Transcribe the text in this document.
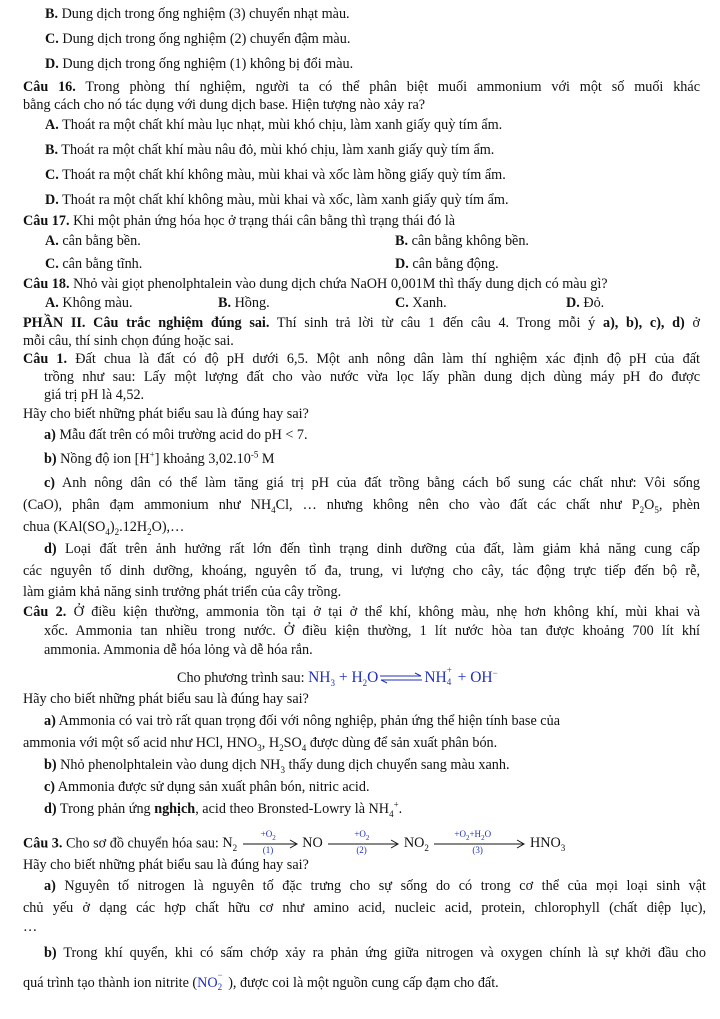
B. Dung dịch trong ống nghiệm (3) chuyển nhạt màu.
C. Dung dịch trong ống nghiệm (2) chuyển đậm màu.
D. Dung dịch trong ống nghiệm (1) không bị đổi màu.
Câu 16. Trong phòng thí nghiệm, người ta có thể phân biệt muối ammonium với một số muối khác
bằng cách cho nó tác dụng với dung dịch base. Hiện tượng nào xảy ra?
A. Thoát ra một chất khí màu lục nhạt, mùi khó chịu, làm xanh giấy quỳ tím ẩm.
B. Thoát ra một chất khí màu nâu đỏ, mùi khó chịu, làm xanh giấy quỳ tím ẩm.
C. Thoát ra một chất khí không màu, mùi khai và xốc làm hồng giấy quỳ tím ẩm.
D. Thoát ra một chất khí không màu, mùi khai và xốc, làm xanh giấy quỳ tím ẩm.
Câu 17. Khi một phản ứng hóa học ở trạng thái cân bằng thì trạng thái đó là
A. cân bằng bền.	B. cân bằng không bền.
C. cân bằng tĩnh.	D. cân bằng động.
Câu 18. Nhỏ vài giọt phenolphtalein vào dung dịch chứa NaOH 0,001M thì thấy dung dịch có màu gì?
A. Không màu.	B. Hồng.	C. Xanh.	D. Đỏ.
PHẦN II. Câu trắc nghiệm đúng sai. Thí sinh trả lời từ câu 1 đến câu 4. Trong mỗi ý a), b), c), d) ở
mỗi câu, thí sinh chọn đúng hoặc sai.
Câu 1. Đất chua là đất có độ pH dưới 6,5. Một anh nông dân làm thí nghiệm xác định độ pH của đất
trồng như sau: Lấy một lượng đất cho vào nước vừa lọc lấy phần dung dịch dùng máy pH đo được
giá trị pH là 4,52.
Hãy cho biết những phát biểu sau là đúng hay sai?
a) Mẫu đất trên có môi trường acid do pH < 7.
b) Nồng độ ion [H+] khoảng $3,02.10^{-5}$ M
c) Anh nông dân có thể làm tăng giá trị pH của đất trồng bằng cách bổ sung các chất như: Vôi sống
(CaO), phân đạm ammonium như $NH_4Cl$, … nhưng không nên cho vào đất các chất như $P_2O_5$, phèn
chua $(KAl(SO_4)_2.12H_2O),\dots$
d) Loại đất trên ảnh hưởng rất lớn đến tình trạng dinh dưỡng của đất, làm giảm khả năng cung cấp
các nguyên tố dinh dưỡng, khoáng, nguyên tố đa, trung, vi lượng cho cây, tác động trực tiếp đến bộ rễ,
làm giảm khả năng sinh trưởng phát triển của cây trồng.
Câu 2. Ở điều kiện thường, ammonia tồn tại ở tại ở thể khí, không màu, nhẹ hơn không khí, mùi khai và
xốc. Ammonia tan nhiều trong nước. Ở điều kiện thường, 1 lít nước hòa tan được khoảng 700 lít khí
ammonia. Ammonia dễ hóa lỏng và dễ hóa rắn.
Cho phương trình sau: $NH_3$ + $H_2O\rightleftharpoons NH$ +
4 + OH−
Hãy cho biết những phát biểu sau là đúng hay sai?
a) Ammonia có vai trò rất quan trọng đối với nông nghiệp, phản ứng thể hiện tính base của
ammonia với một số acid như HCl, $HNO_3$, $H_2SO_4$ được dùng để sản xuất phân bón.
b) Nhỏ phenolphtalein vào dung dịch $NH_3$ thấy dung dịch chuyển sang màu xanh.
c) Ammonia được sử dụng sản xuất phân bón, nitric acid.
d) Trong phản ứng nghịch, acid theo Bronsted-Lowry là $NH_4^+$.
Câu 3. Cho sơ đồ chuyển hóa sau: $N_2$
$+O_2$
(1) NO
$+O_2$
(2)	$NO_2$
$+O_2+H_2O$
(3)	$HNO_3$
Hãy cho biết những phát biểu sau là đúng hay sai?
a) Nguyên tố nitrogen là nguyên tố đặc trưng cho sự sống do có trong cơ thể của mọi loại sinh vật
chủ yếu ở dạng các hợp chất hữu cơ như amino acid, nucleic acid, protein, chlorophyll (chất diệp lục),
…
b) Trong khí quyển, khi có sấm chớp xảy ra phản ứng giữa nitrogen và oxygen chính là sự khởi đầu cho
quá trình tạo thành ion nitrite (NO −
2 ), được coi là một nguồn cung cấp đạm cho đất.
